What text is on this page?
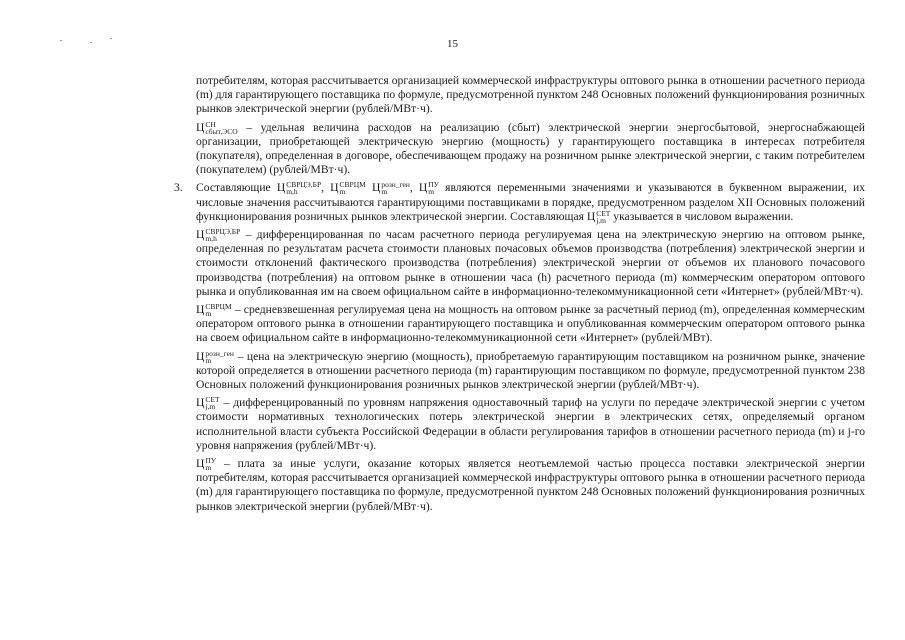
15

потребителям, которая рассчитывается организацией коммерческой инфраструктуры оптового рынка в отношении расчетного периода (m) для гарантирующего поставщика по формуле, предусмотренной пунктом 248 Основных положений функционирования розничных рынков электрической энергии (рублей/МВт·ч).

Ц СН
сбыт,ЭСО – удельная величина расходов на реализацию (сбыт) электрической энергии энергосбытовой, энергоснабжающей организации, приобретающей электрическую энергию (мощность) у гарантирующего поставщика в интересах потребителя (покупателя), определенная в договоре, обеспечивающем продажу на розничном рынке электрической энергии, с таким потребителем (покупателем) (рублей/МВт·ч).

3. Составляющие Ц СВРЦЭ,БР
m,h	, Ц СВРЦМ
m	Ц розн_ген
m	, Ц ПУ
m являются переменными значениями и указываются в буквенном выражении, их числовые значения рассчитываются гарантирующими поставщиками в порядке, предусмотренном разделом XII Основных положений функционирования розничных рынков электрической энергии. Составляющая Ц СЕТ
j,m указывается в числовом выражении.

Ц СВРЦЭ,БР
m,h	– дифференцированная по часам расчетного периода регулируемая цена на электрическую энергию на оптовом рынке, определенная по результатам расчета стоимости плановых почасовых объемов производства (потребления) электрической энергии и стоимости отклонений фактического производства (потребления) электрической энергии от объемов их планового почасового производства (потребления) на оптовом рынке в отношении часа (h) расчетного периода (m) коммерческим оператором оптового рынка и опубликованная им на своем официальном сайте в информационно-телекоммуникационной сети «Интернет» (рублей/МВт·ч).

Ц СВРЦМ
m	– средневзвешенная регулируемая цена на мощность на оптовом рынке за расчетный период (m), определенная коммерческим оператором оптового рынка в отношении гарантирующего поставщика и опубликованная коммерческим оператором оптового рынка на своем официальном сайте в информационно-телекоммуникационной сети «Интернет» (рублей/МВт).

Ц розн_ген
m	– цена на электрическую энергию (мощность), приобретаемую гарантирующим поставщиком на розничном рынке, значение которой определяется в отношении расчетного периода (m) гарантирующим поставщиком по формуле, предусмотренной пунктом 238 Основных положений функционирования розничных рынков электрической энергии (рублей/МВт·ч).

Ц СЕТ
j,m – дифференцированный по уровням напряжения одноставочный тариф на услуги по передаче электрической энергии с учетом стоимости нормативных технологических потерь электрической энергии в электрических сетях, определяемый органом исполнительной власти субъекта Российской Федерации в области регулирования тарифов в отношении расчетного периода (m) и j-го уровня напряжения (рублей/МВт·ч).

Ц ПУ
m – плата за иные услуги, оказание которых является неотъемлемой частью процесса поставки электрической энергии потребителям, которая рассчитывается организацией коммерческой инфраструктуры оптового рынка в отношении расчетного периода (m) для гарантирующего поставщика по формуле, предусмотренной пунктом 248 Основных положений функционирования розничных рынков электрической энергии (рублей/МВт·ч).
